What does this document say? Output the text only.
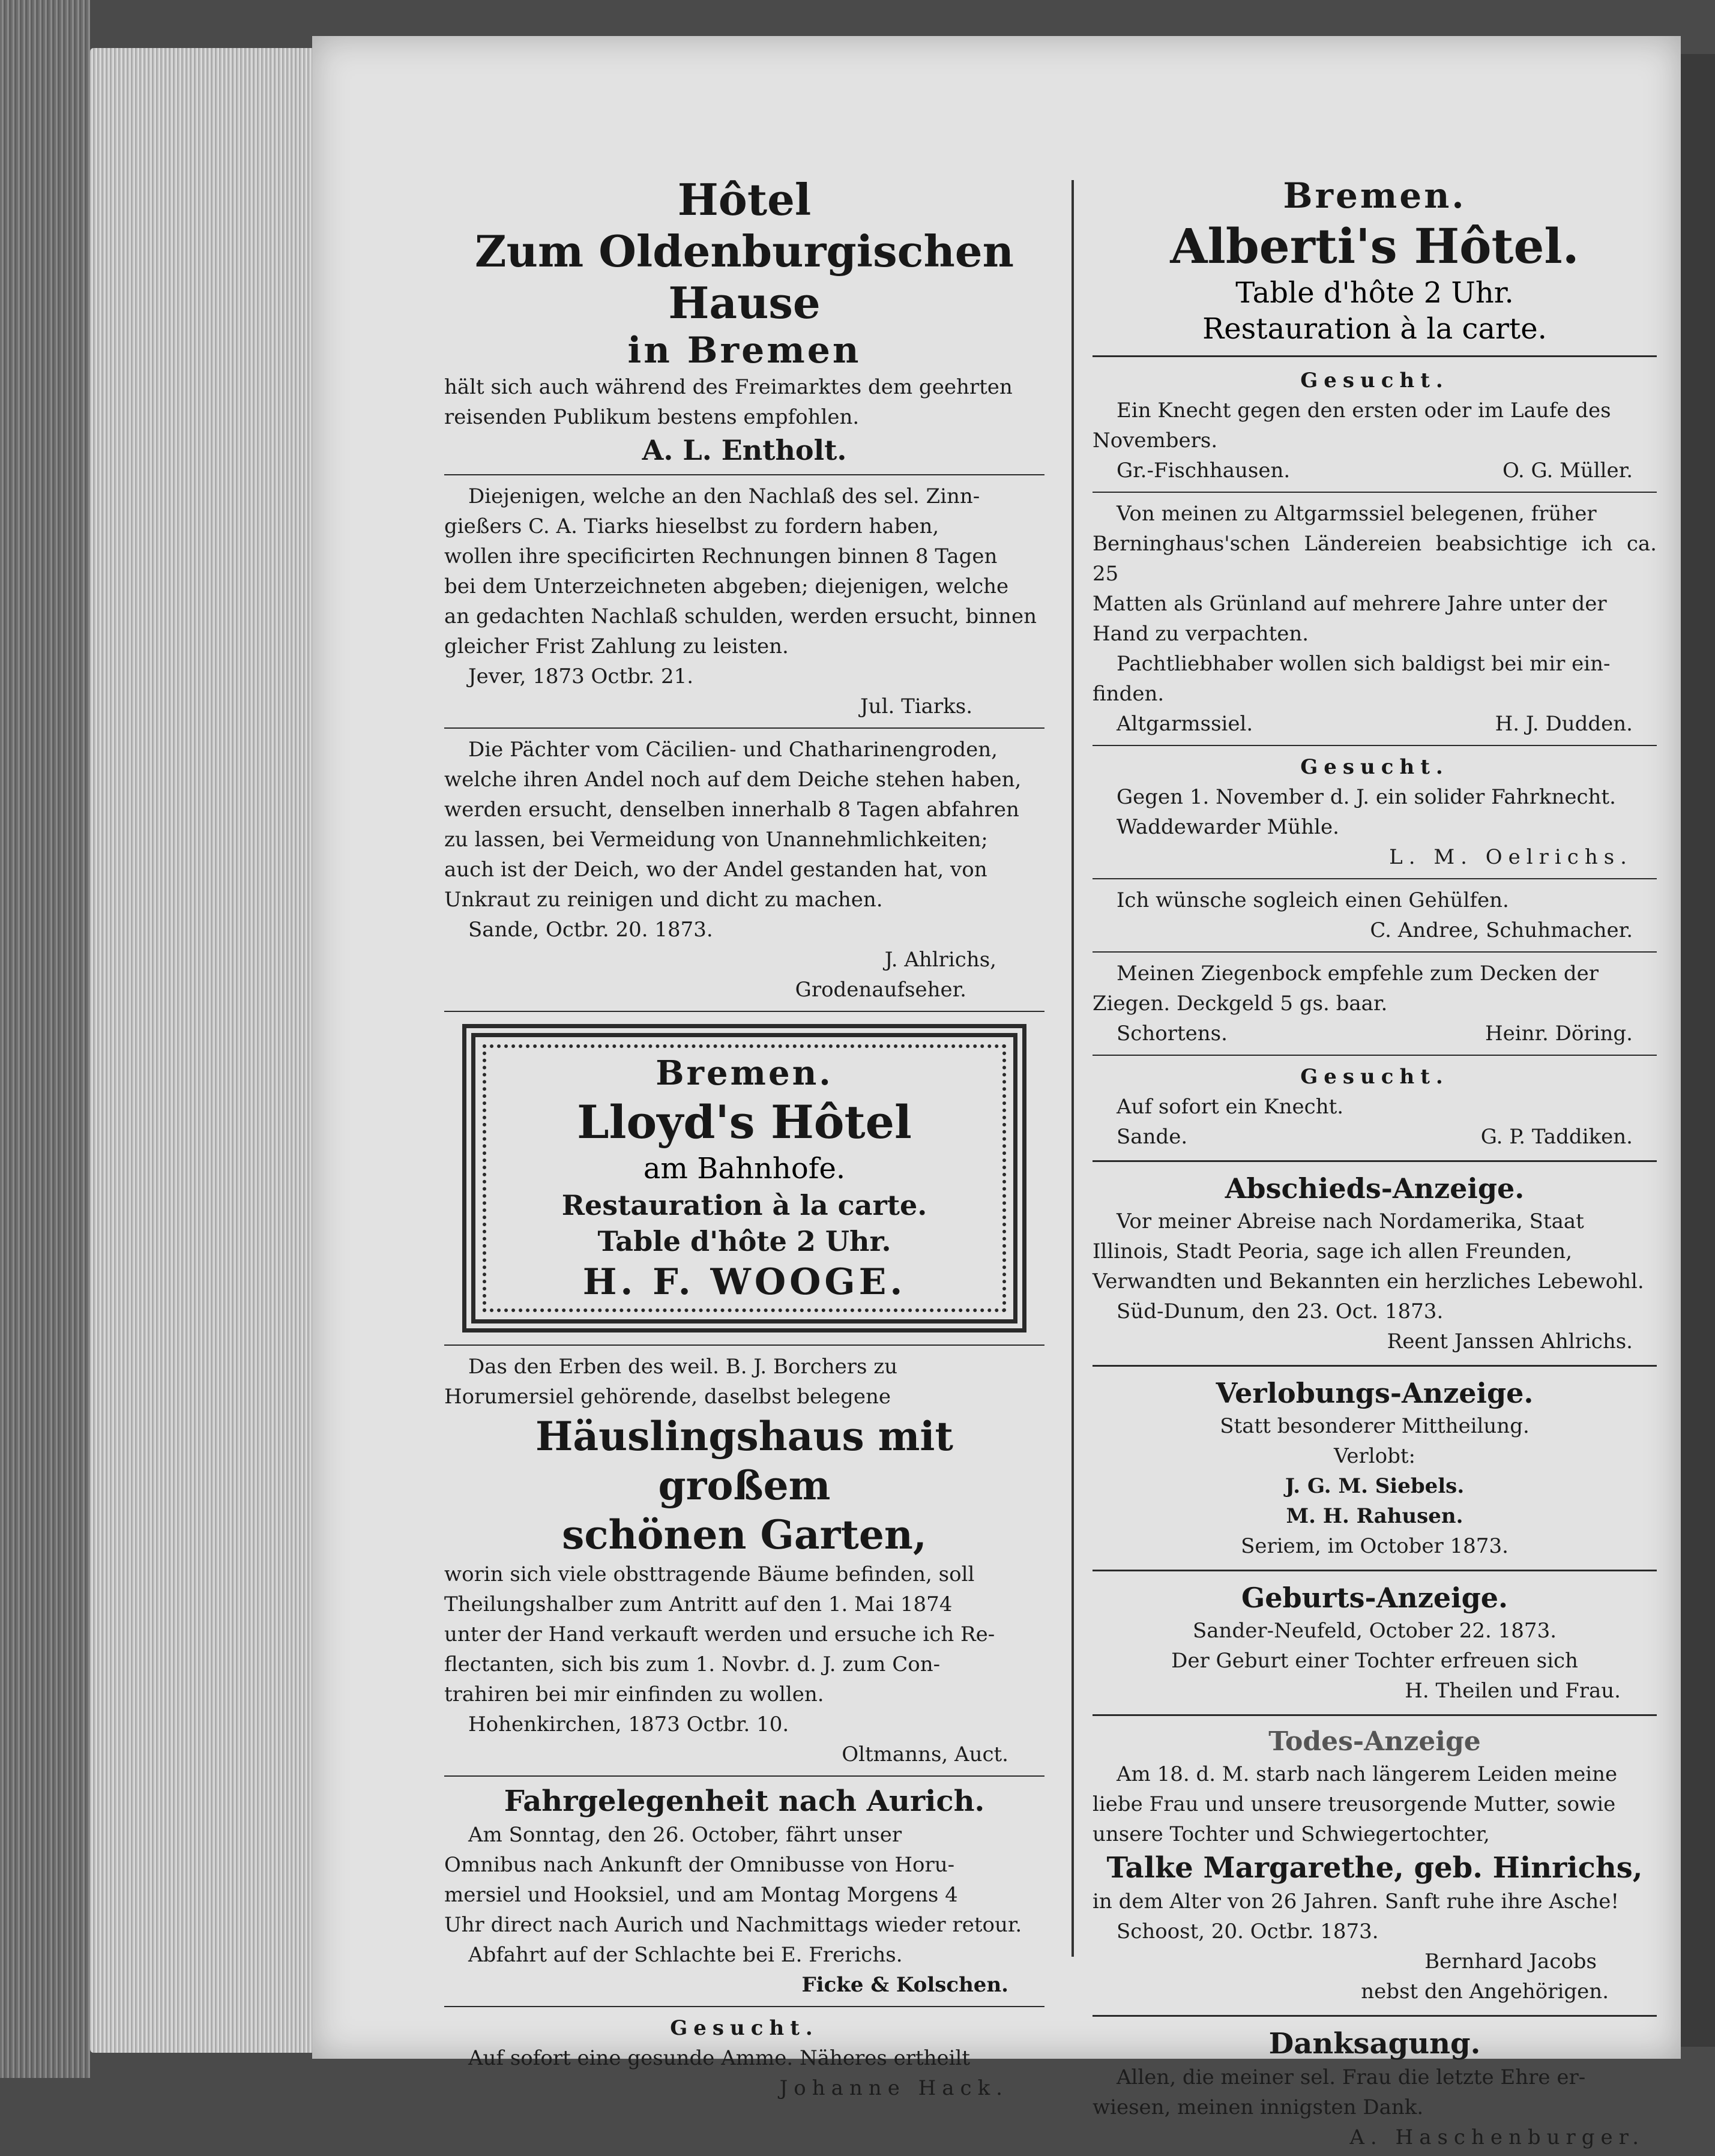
Hôtel

Zum Oldenburgischen Hause

in Bremen

hält sich auch während des Freimarktes dem geehrten

reisenden Publikum bestens empfohlen.

A. L. Entholt.

Diejenigen, welche an den Nachlaß des sel. Zinn-

gießers C. A. Tiarks hieselbst zu fordern haben,

wollen ihre specificirten Rechnungen binnen 8 Tagen

bei dem Unterzeichneten abgeben; diejenigen, welche

an gedachten Nachlaß schulden, werden ersucht, binnen

gleicher Frist Zahlung zu leisten.

Jever, 1873 Octbr. 21.

Jul. Tiarks.

Die Pächter vom Cäcilien- und Chatharinengroden,

welche ihren Andel noch auf dem Deiche stehen haben,

werden ersucht, denselben innerhalb 8 Tagen abfahren

zu lassen, bei Vermeidung von Unannehmlichkeiten;

auch ist der Deich, wo der Andel gestanden hat, von

Unkraut zu reinigen und dicht zu machen.

Sande, Octbr. 20. 1873.

J. Ahlrichs,

Grodenaufseher.

Bremen.

Lloyd's Hôtel

am Bahnhofe.

Restauration à la carte.

Table d'hôte 2 Uhr.

H. F. WOOGE.

Das den Erben des weil. B. J. Borchers zu

Horumersiel gehörende, daselbst belegene

Häuslingshaus mit großem

schönen Garten,

worin sich viele obsttragende Bäume befinden, soll

Theilungshalber zum Antritt auf den 1. Mai 1874

unter der Hand verkauft werden und ersuche ich Re-

flectanten, sich bis zum 1. Novbr. d. J. zum Con-

trahiren bei mir einfinden zu wollen.

Hohenkirchen, 1873 Octbr. 10.

Oltmanns, Auct.

Fahrgelegenheit nach Aurich.

Am Sonntag, den 26. October, fährt unser

Omnibus nach Ankunft der Omnibusse von Horu-

mersiel und Hooksiel, und am Montag Morgens 4

Uhr direct nach Aurich und Nachmittags wieder retour.

Abfahrt auf der Schlachte bei E. Frerichs.

Ficke & Kolschen.

Gesucht.

Auf sofort eine gesunde Amme. Näheres ertheilt

Johanne Hack.

Bremen.

Alberti's Hôtel.

Table d'hôte 2 Uhr.

Restauration à la carte.

Gesucht.

Ein Knecht gegen den ersten oder im Laufe des

Novembers.

Gr.-Fischhausen.	O. G. Müller.

Von meinen zu Altgarmssiel belegenen, früher

Berninghaus'schen Ländereien beabsichtige ich ca. 25

Matten als Grünland auf mehrere Jahre unter der

Hand zu verpachten.

Pachtliebhaber wollen sich baldigst bei mir ein-

finden.

Altgarmssiel.	H. J. Dudden.

Gesucht.

Gegen 1. November d. J. ein solider Fahrknecht.

Waddewarder Mühle.

L. M. Oelrichs.

Ich wünsche sogleich einen Gehülfen.

C. Andree, Schuhmacher.

Meinen Ziegenbock empfehle zum Decken der

Ziegen. Deckgeld 5 gs. baar.

Schortens.	Heinr. Döring.

Gesucht.

Auf sofort ein Knecht.

Sande.	G. P. Taddiken.

Abschieds-Anzeige.

Vor meiner Abreise nach Nordamerika, Staat

Illinois, Stadt Peoria, sage ich allen Freunden,

Verwandten und Bekannten ein herzliches Lebewohl.

Süd-Dunum, den 23. Oct. 1873.

Reent Janssen Ahlrichs.

Verlobungs-Anzeige.

Statt besonderer Mittheilung.

Verlobt:

J. G. M. Siebels.

M. H. Rahusen.

Seriem, im October 1873.

Geburts-Anzeige.

Sander-Neufeld, October 22. 1873.

Der Geburt einer Tochter erfreuen sich

H. Theilen und Frau.

Todes-Anzeige

Am 18. d. M. starb nach längerem Leiden meine

liebe Frau und unsere treusorgende Mutter, sowie

unsere Tochter und Schwiegertochter,

Talke Margarethe, geb. Hinrichs,

in dem Alter von 26 Jahren. Sanft ruhe ihre Asche!

Schoost, 20. Octbr. 1873.

Bernhard Jacobs

nebst den Angehörigen.

Danksagung.

Allen, die meiner sel. Frau die letzte Ehre er-

wiesen, meinen innigsten Dank.

A. Haschenburger.
